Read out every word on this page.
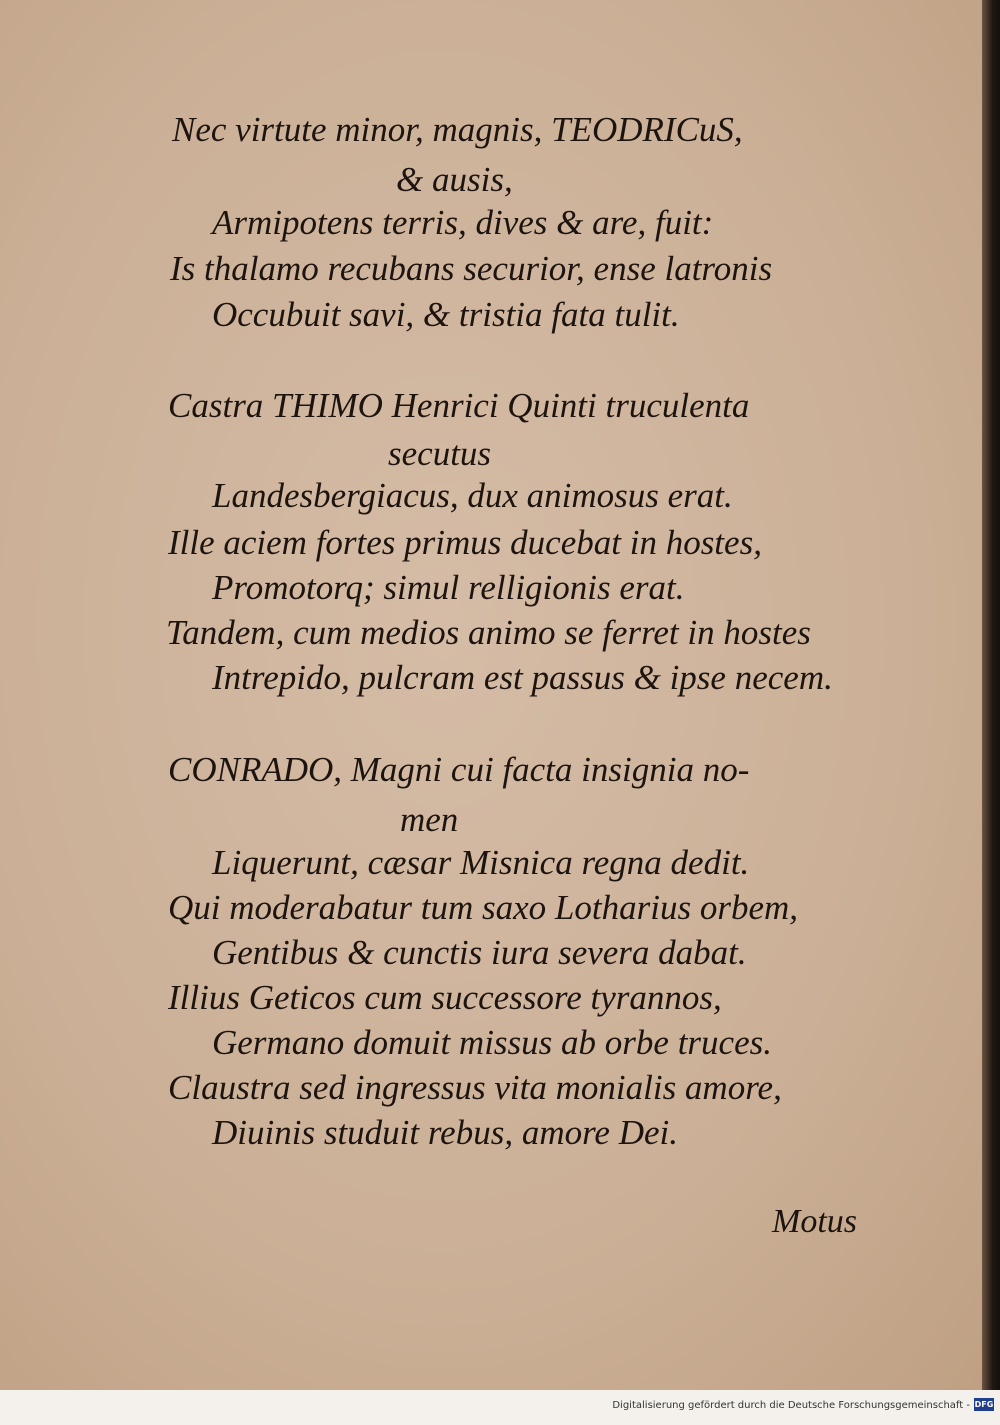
Nec virtute minor, magnis, TEODRICuS,
& ausis,
Armipotens terris, dives & are, fuit:
Is thalamo recubans securior, ense latronis
Occubuit savi, & tristia fata tulit.
Castra THIMO Henrici Quinti truculenta
secutus
Landesbergiacus, dux animosus erat.
Ille aciem fortes primus ducebat in hostes,
Promotorq; simul relligionis erat.
Tandem, cum medios animo se ferret in hostes
Intrepido, pulcram est passus & ipse necem.
CONRADO, Magni cui facta insignia no-
men
Liquerunt, cæsar Misnica regna dedit.
Qui moderabatur tum saxo Lotharius orbem,
Gentibus & cunctis iura severa dabat.
Illius Geticos cum successore tyrannos,
Germano domuit missus ab orbe truces.
Claustra sed ingressus vita monialis amore,
Diuinis studuit rebus, amore Dei.
Motus
Digitalisierung gefördert durch die Deutsche Forschungsgemeinschaft - DFG
